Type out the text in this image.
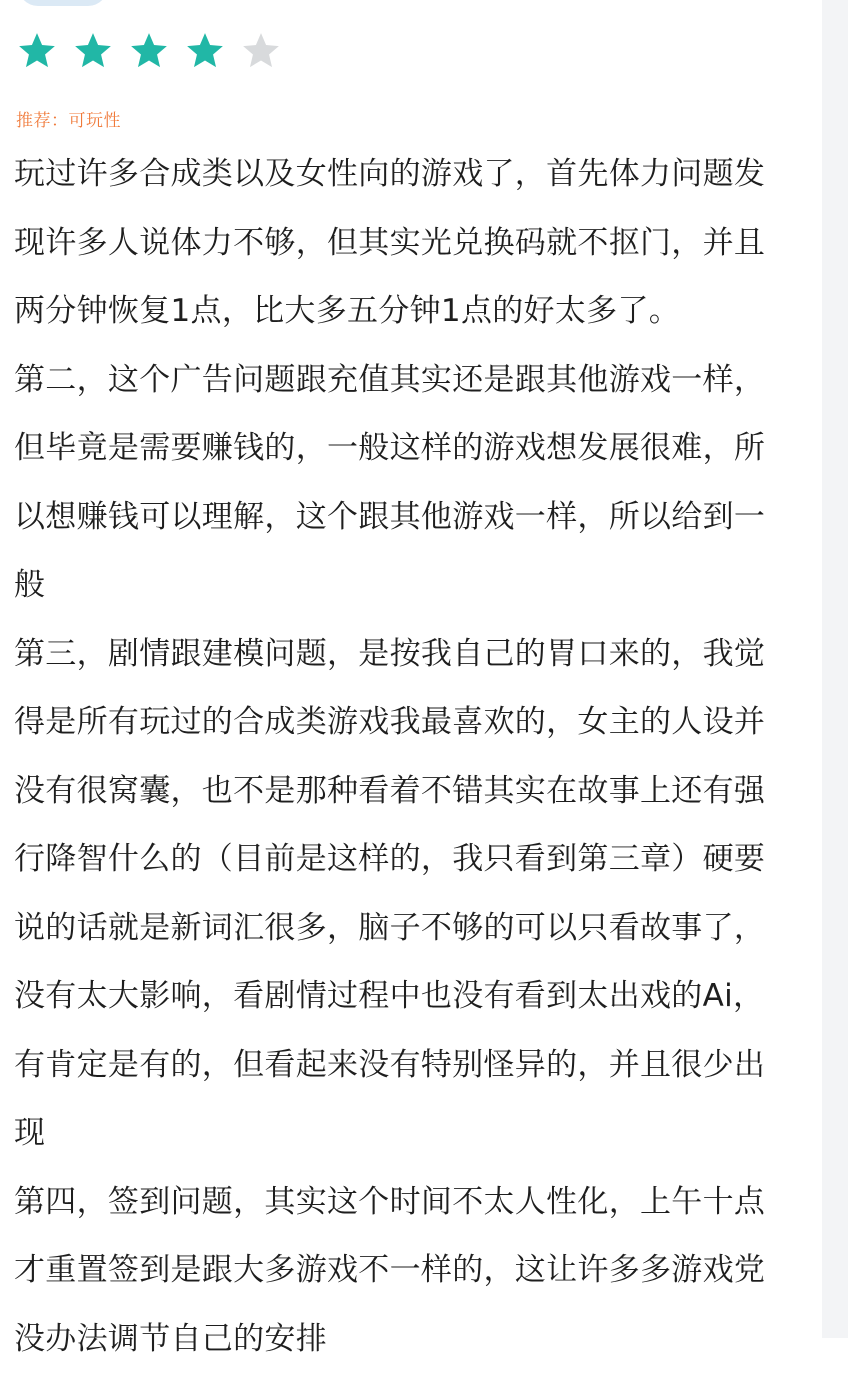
推荐：可玩性

玩过许多合成类以及女性向的游戏了，首先体力问题发现许多人说体力不够，但其实光兑换码就不抠门，并且两分钟恢复1点，比大多五分钟1点的好太多了。

第二，这个广告问题跟充值其实还是跟其他游戏一样，但毕竟是需要赚钱的，一般这样的游戏想发展很难，所以想赚钱可以理解，这个跟其他游戏一样，所以给到一般

第三，剧情跟建模问题，是按我自己的胃口来的，我觉得是所有玩过的合成类游戏我最喜欢的，女主的人设并没有很窝囊，也不是那种看着不错其实在故事上还有强行降智什么的（目前是这样的，我只看到第三章）硬要说的话就是新词汇很多，脑子不够的可以只看故事了，没有太大影响，看剧情过程中也没有看到太出戏的Ai，有肯定是有的，但看起来没有特别怪异的，并且很少出现

第四，签到问题，其实这个时间不太人性化，上午十点才重置签到是跟大多游戏不一样的，这让许多多游戏党没办法调节自己的安排
